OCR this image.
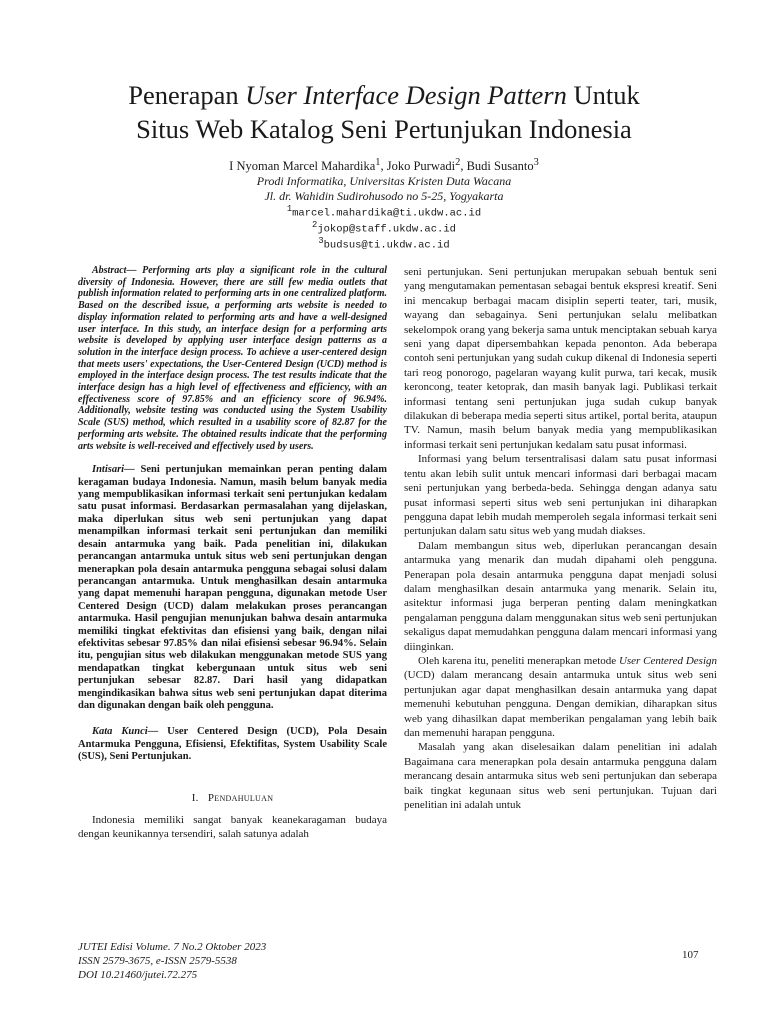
Penerapan User Interface Design Pattern Untuk
Situs Web Katalog Seni Pertunjukan Indonesia
I Nyoman Marcel Mahardika$^1$, Joko Purwadi$^2$, Budi Susanto$^3$
Prodi Informatika, Universitas Kristen Duta Wacana
Jl. dr. Wahidin Sudirohusodo no 5-25, Yogyakarta
$^1$marcel.mahardika@ti.ukdw.ac.id
$^2$jokop@staff.ukdw.ac.id
$^3$budsus@ti.ukdw.ac.id

Abstract— Performing arts play a significant role in the cultural diversity of Indonesia. However, there are still few media outlets that publish information related to performing arts in one centralized platform. Based on the described issue, a performing arts website is needed to display information related to performing arts and have a well-designed user interface. In this study, an interface design for a performing arts website is developed by applying user interface design patterns as a solution in the interface design process. To achieve a user-centered design that meets users' expectations, the User-Centered Design (UCD) method is employed in the interface design process. The test results indicate that the interface design has a high level of effectiveness and efficiency, with an effectiveness score of 97.85% and an efficiency score of 96.94%. Additionally, website testing was conducted using the System Usability Scale (SUS) method, which resulted in a usability score of 82.87 for the performing arts website. The obtained results indicate that the performing arts website is well-received and effectively used by users.

Intisari— Seni pertunjukan memainkan peran penting dalam keragaman budaya Indonesia. Namun, masih belum banyak media yang mempublikasikan informasi terkait seni pertunjukan kedalam satu pusat informasi. Berdasarkan permasalahan yang dijelaskan, maka diperlukan situs web seni pertunjukan yang dapat menampilkan informasi terkait seni pertunjukan dan memiliki desain antarmuka yang baik. Pada penelitian ini, dilakukan perancangan antarmuka untuk situs web seni pertunjukan dengan menerapkan pola desain antarmuka pengguna sebagai solusi dalam perancangan antarmuka. Untuk menghasilkan desain antarmuka yang dapat memenuhi harapan pengguna, digunakan metode User Centered Design (UCD) dalam melakukan proses perancangan antarmuka. Hasil pengujian menunjukan bahwa desain antarmuka memiliki tingkat efektivitas dan efisiensi yang baik, dengan nilai efektivitas sebesar 97.85% dan nilai efisiensi sebesar 96.94%. Selain itu, pengujian situs web dilakukan menggunakan metode SUS yang mendapatkan tingkat kebergunaan untuk situs web seni pertunjukan sebesar 82.87. Dari hasil yang didapatkan mengindikasikan bahwa situs web seni pertunjukan dapat diterima dan digunakan dengan baik oleh pengguna.

Kata Kunci— User Centered Design (UCD), Pola Desain Antarmuka Pengguna, Efisiensi, Efektifitas, System Usability Scale (SUS), Seni Pertunjukan.

I. Pendahuluan

Indonesia memiliki sangat banyak keanekaragaman budaya dengan keunikannya tersendiri, salah satunya adalah

seni pertunjukan. Seni pertunjukan merupakan sebuah bentuk seni yang mengutamakan pementasan sebagai bentuk ekspresi kreatif. Seni ini mencakup berbagai macam disiplin seperti teater, tari, musik, wayang dan sebagainya. Seni pertunjukan selalu melibatkan sekelompok orang yang bekerja sama untuk menciptakan sebuah karya seni yang dapat dipersembahkan kepada penonton. Ada beberapa contoh seni pertunjukan yang sudah cukup dikenal di Indonesia seperti tari reog ponorogo, pagelaran wayang kulit purwa, tari kecak, musik keroncong, teater ketoprak, dan masih banyak lagi. Publikasi terkait informasi tentang seni pertunjukan juga sudah cukup banyak dilakukan di beberapa media seperti situs artikel, portal berita, ataupun TV. Namun, masih belum banyak media yang mempublikasikan informasi terkait seni pertunjukan kedalam satu pusat informasi.

Informasi yang belum tersentralisasi dalam satu pusat informasi tentu akan lebih sulit untuk mencari informasi dari berbagai macam seni pertunjukan yang berbeda-beda. Sehingga dengan adanya satu pusat informasi seperti situs web seni pertunjukan ini diharapkan pengguna dapat lebih mudah memperoleh segala informasi terkait seni pertunjukan dalam satu situs web yang mudah diakses.

Dalam membangun situs web, diperlukan perancangan desain antarmuka yang menarik dan mudah dipahami oleh pengguna. Penerapan pola desain antarmuka pengguna dapat menjadi solusi dalam menghasilkan desain antarmuka yang menarik. Selain itu, asitektur informasi juga berperan penting dalam meningkatkan pengalaman pengguna dalam menggunakan situs web seni pertunjukan sekaligus dapat memudahkan pengguna dalam mencari informasi yang diinginkan.

Oleh karena itu, peneliti menerapkan metode User Centered Design (UCD) dalam merancang desain antarmuka untuk situs web seni pertunjukan agar dapat menghasilkan desain antarmuka yang dapat memenuhi kebutuhan pengguna. Dengan demikian, diharapkan situs web yang dihasilkan dapat memberikan pengalaman yang lebih baik dan memenuhi harapan pengguna.

Masalah yang akan diselesaikan dalam penelitian ini adalah Bagaimana cara menerapkan pola desain antarmuka pengguna dalam merancang desain antarmuka situs web seni pertunjukan dan seberapa baik tingkat kegunaan situs web seni pertunjukan. Tujuan dari penelitian ini adalah untuk

JUTEI Edisi Volume. 7 No.2 Oktober 2023
ISSN 2579-3675, e-ISSN 2579-5538
DOI 10.21460/jutei.72.275
107
